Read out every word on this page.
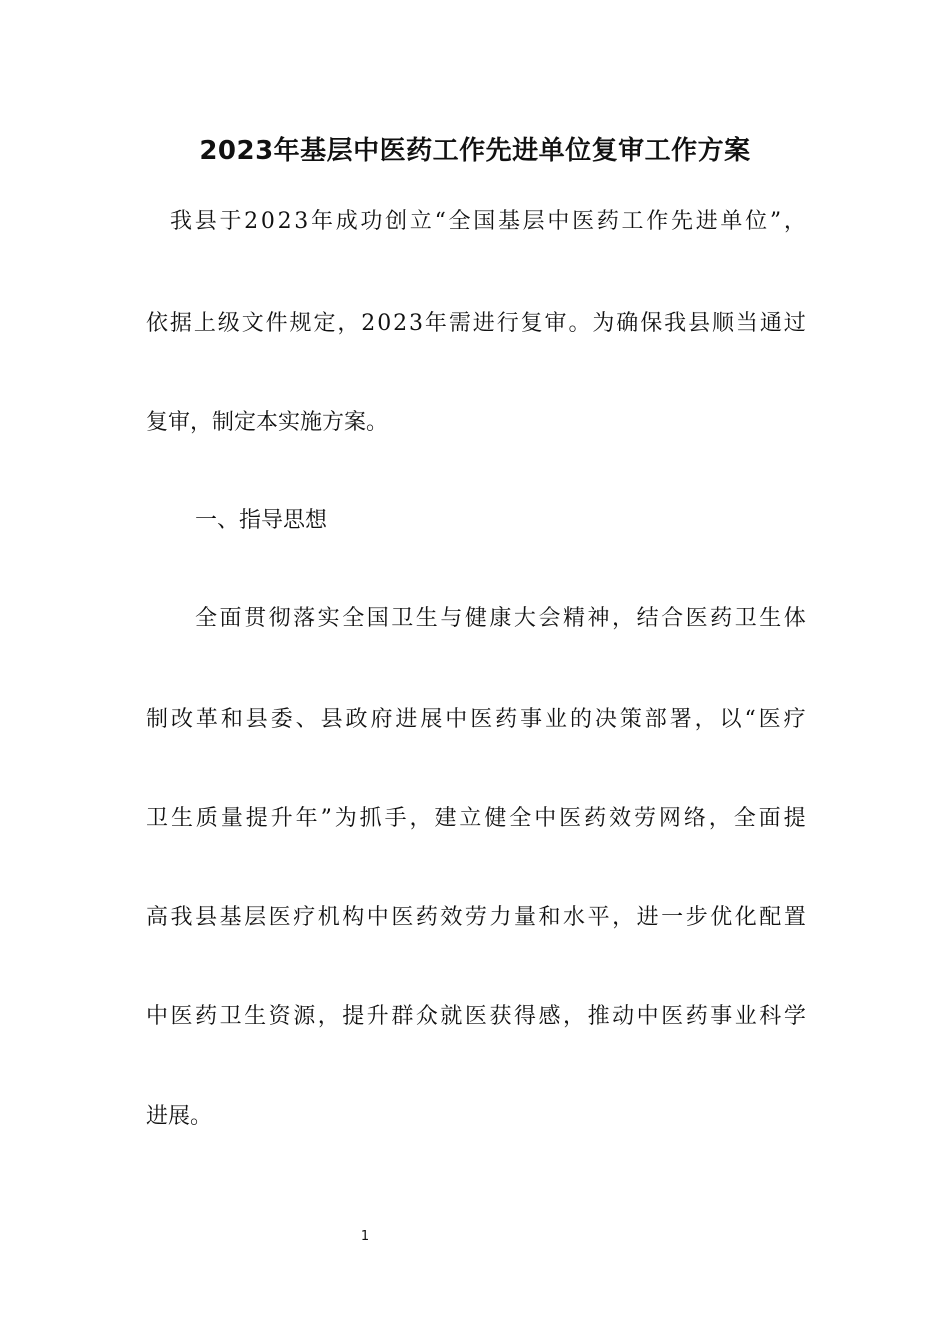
2023年基层中医药工作先进单位复审工作方案
我 县 于 2 0 2 3 年 成 功 创 立 “ 全 国 基 层 中 医 药 工 作 先 进 单 位 ” ，
依 据 上 级 文 件 规 定 ， 2 0 2 3 年 需 进 行 复 审 。 为 确 保 我 县 顺 当 通 过
复审，制定本实施方案。
一、指导思想
全 面 贯 彻 落 实 全 国 卫 生 与 健 康 大 会 精 神 ， 结 合 医 药 卫 生 体
制 改 革 和 县 委 、 县 政 府 进 展 中 医 药 事 业 的 决 策 部 署 ， 以 “ 医 疗
卫 生 质 量 提 升 年 ” 为 抓 手 ， 建 立 健 全 中 医 药 效 劳 网 络 ， 全 面 提
高 我 县 基 层 医 疗 机 构 中 医 药 效 劳 力 量 和 水 平 ， 进 一 步 优 化 配 置
中 医 药 卫 生 资 源 ， 提 升 群 众 就 医 获 得 感 ， 推 动 中 医 药 事 业 科 学
进展。
1
